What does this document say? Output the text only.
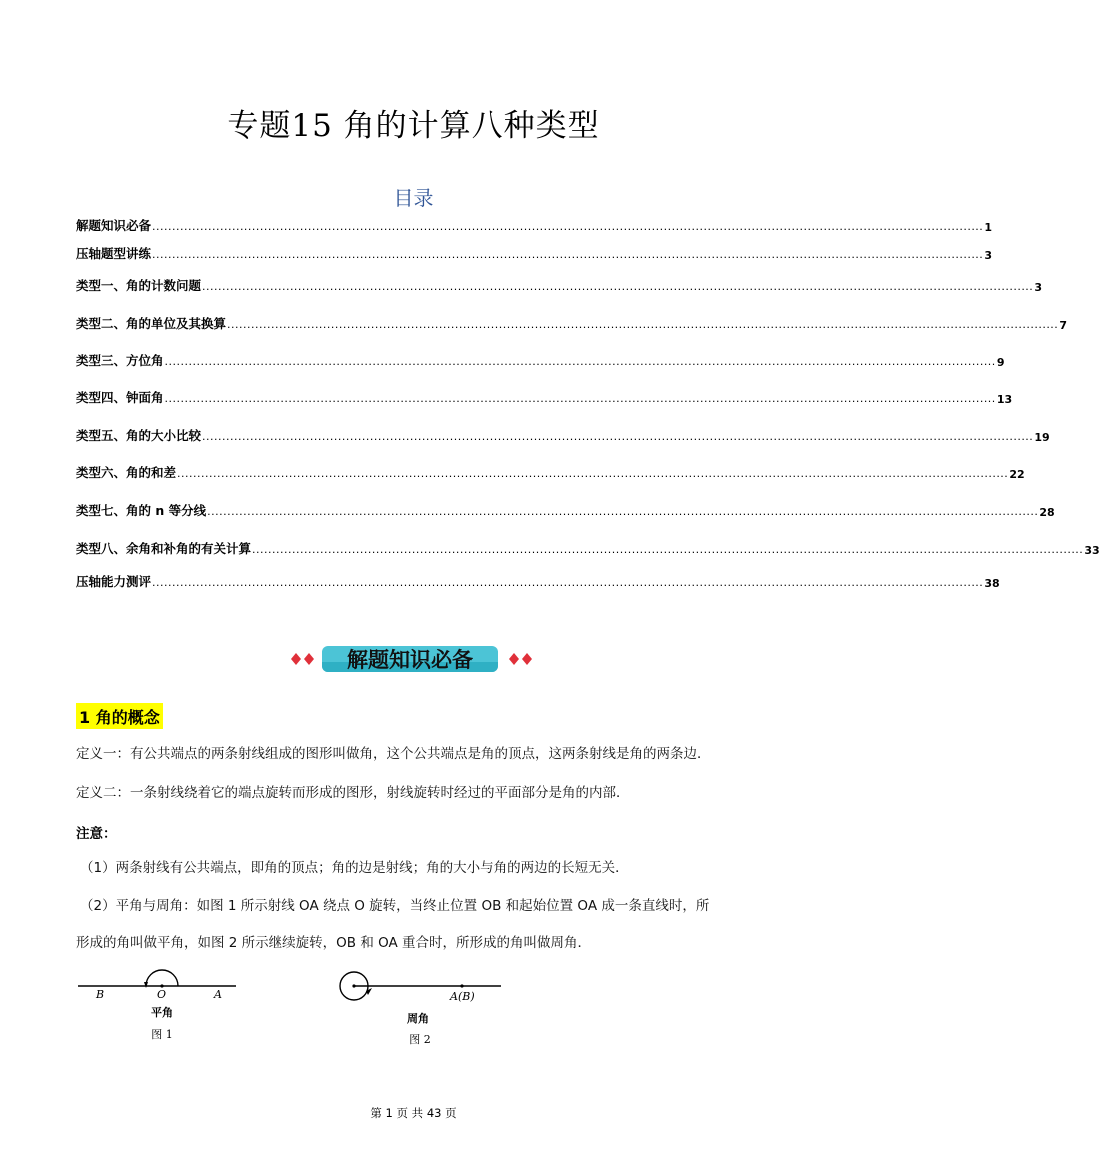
专题15 角的计算八种类型
目录
解题知识必备 ................................................................................................................................................................................................................ 1
压轴题型讲练 ................................................................................................................................................................................................................ 3
类型一、角的计数问题 ................................................................................................................................................................................................................ 3
类型二、角的单位及其换算 ................................................................................................................................................................................................................ 7
类型三、方位角 ................................................................................................................................................................................................................ 9
类型四、钟面角 ................................................................................................................................................................................................................ 13
类型五、角的大小比较 ................................................................................................................................................................................................................ 19
类型六、角的和差 ................................................................................................................................................................................................................ 22
类型七、角的 n 等分线 ................................................................................................................................................................................................................ 28
类型八、余角和补角的有关计算 ................................................................................................................................................................................................................ 33
压轴能力测评 ................................................................................................................................................................................................................ 38
解题知识必备
1 角的概念
定义一：有公共端点的两条射线组成的图形叫做角，这个公共端点是角的顶点，这两条射线是角的两条边．
定义二：一条射线绕着它的端点旋转而形成的图形，射线旋转时经过的平面部分是角的内部．
注意：
（1）两条射线有公共端点，即角的顶点；角的边是射线；角的大小与角的两边的长短无关．
（2）平角与周角：如图 1 所示射线 OA 绕点 O 旋转，当终止位置 OB 和起始位置 OA 成一条直线时，所
形成的角叫做平角，如图 2 所示继续旋转，OB 和 OA 重合时，所形成的角叫做周角．
B	O	A
平角
图 1
A(B)
周角
图 2
第 1 页 共 43 页
